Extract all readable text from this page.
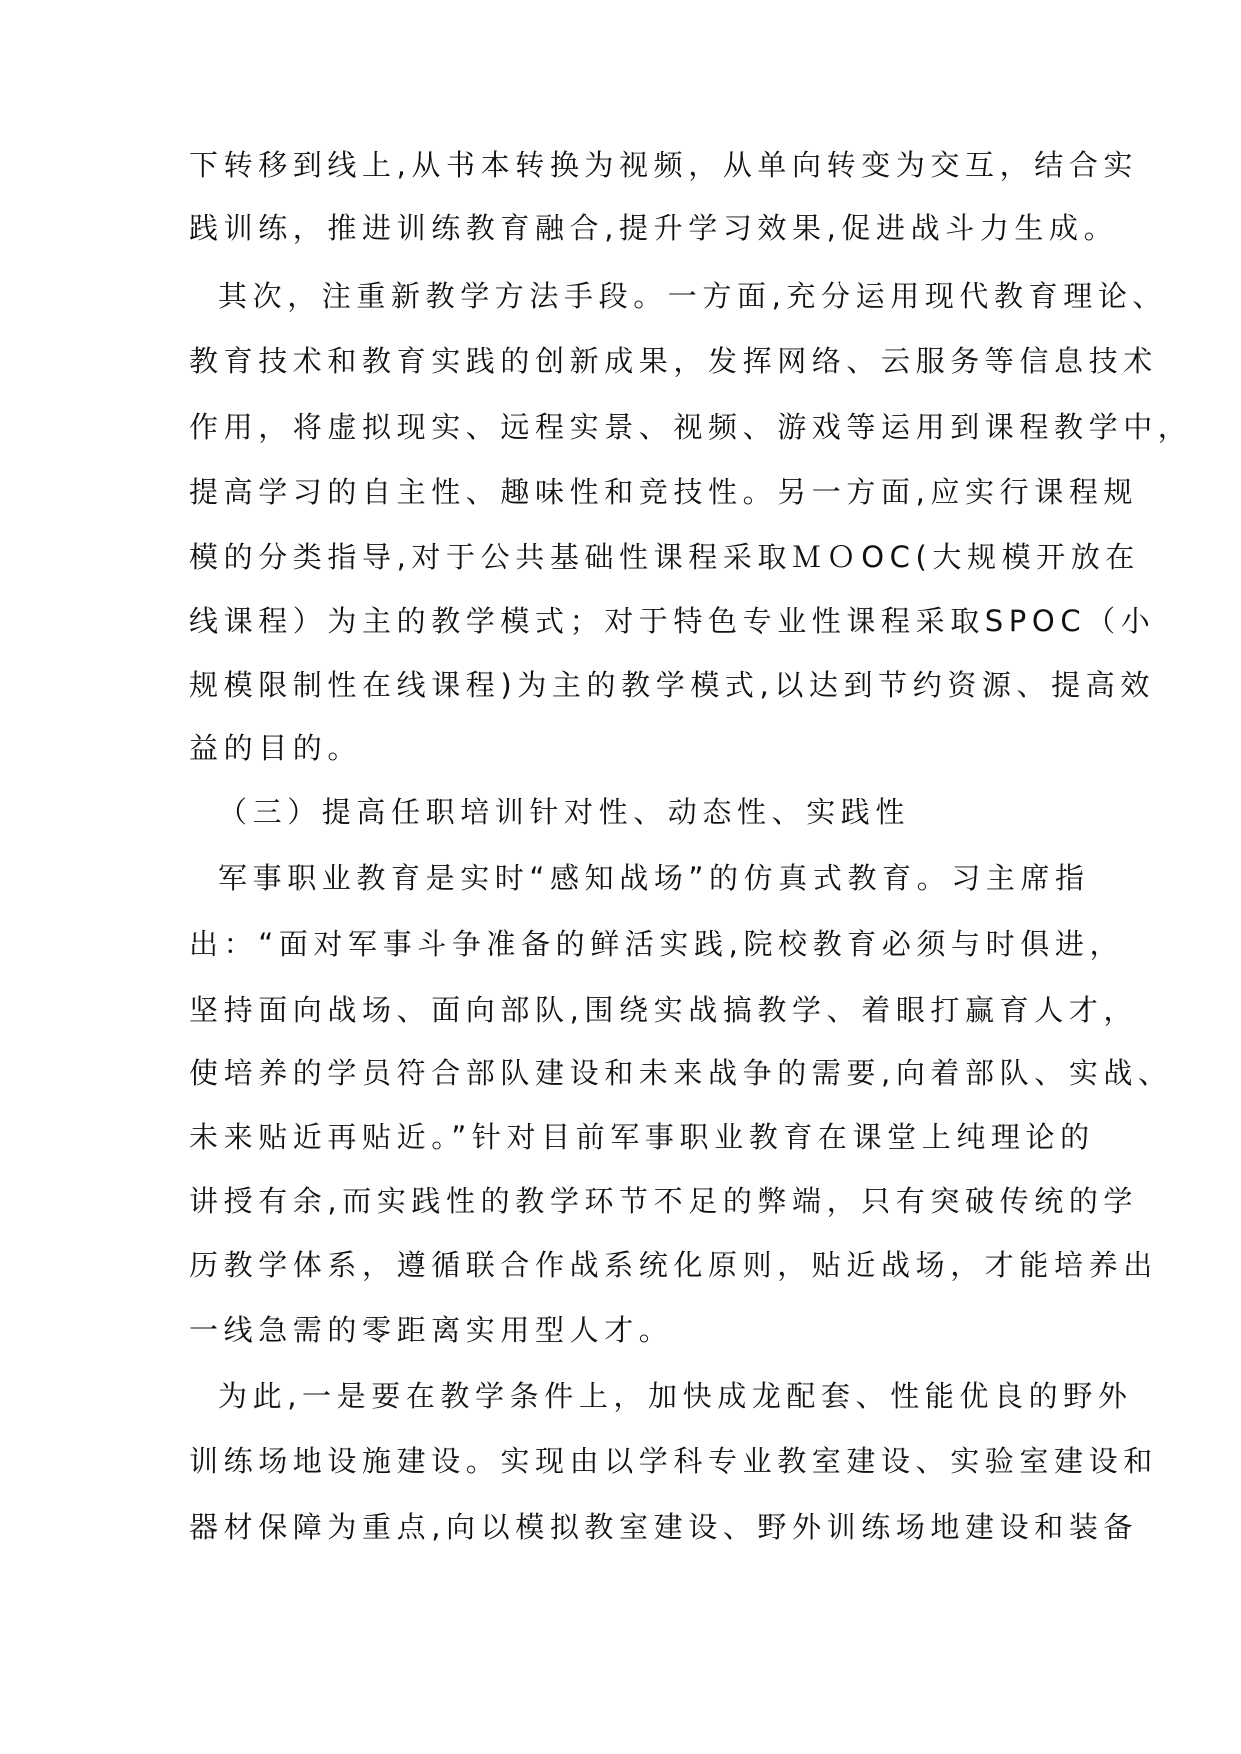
下转移到线上,从书本转换为视频，从单向转变为交互，结合实
践训练，推进训练教育融合,提升学习效果,促进战斗力生成。
其次，注重新教学方法手段。一方面,充分运用现代教育理论、
教育技术和教育实践的创新成果，发挥网络、云服务等信息技术
作用，将虚拟现实、远程实景、视频、游戏等运用到课程教学中，
提高学习的自主性、趣味性和竞技性。另一方面,应实行课程规
模的分类指导,对于公共基础性课程采取ＭＯOC(大规模开放在
线课程）为主的教学模式；对于特色专业性课程采取SPOC（小
规模限制性在线课程)为主的教学模式,以达到节约资源、提高效
益的目的。
（三）提高任职培训针对性、动态性、实践性
军事职业教育是实时“感知战场”的仿真式教育。习主席指
出：“面对军事斗争准备的鲜活实践,院校教育必须与时俱进，
坚持面向战场、面向部队,围绕实战搞教学、着眼打赢育人才，
使培养的学员符合部队建设和未来战争的需要,向着部队、实战、
未来贴近再贴近。”针对目前军事职业教育在课堂上纯理论的
讲授有余,而实践性的教学环节不足的弊端，只有突破传统的学
历教学体系，遵循联合作战系统化原则，贴近战场，才能培养出
一线急需的零距离实用型人才。
为此,一是要在教学条件上，加快成龙配套、性能优良的野外
训练场地设施建设。实现由以学科专业教室建设、实验室建设和
器材保障为重点,向以模拟教室建设、野外训练场地建设和装备
